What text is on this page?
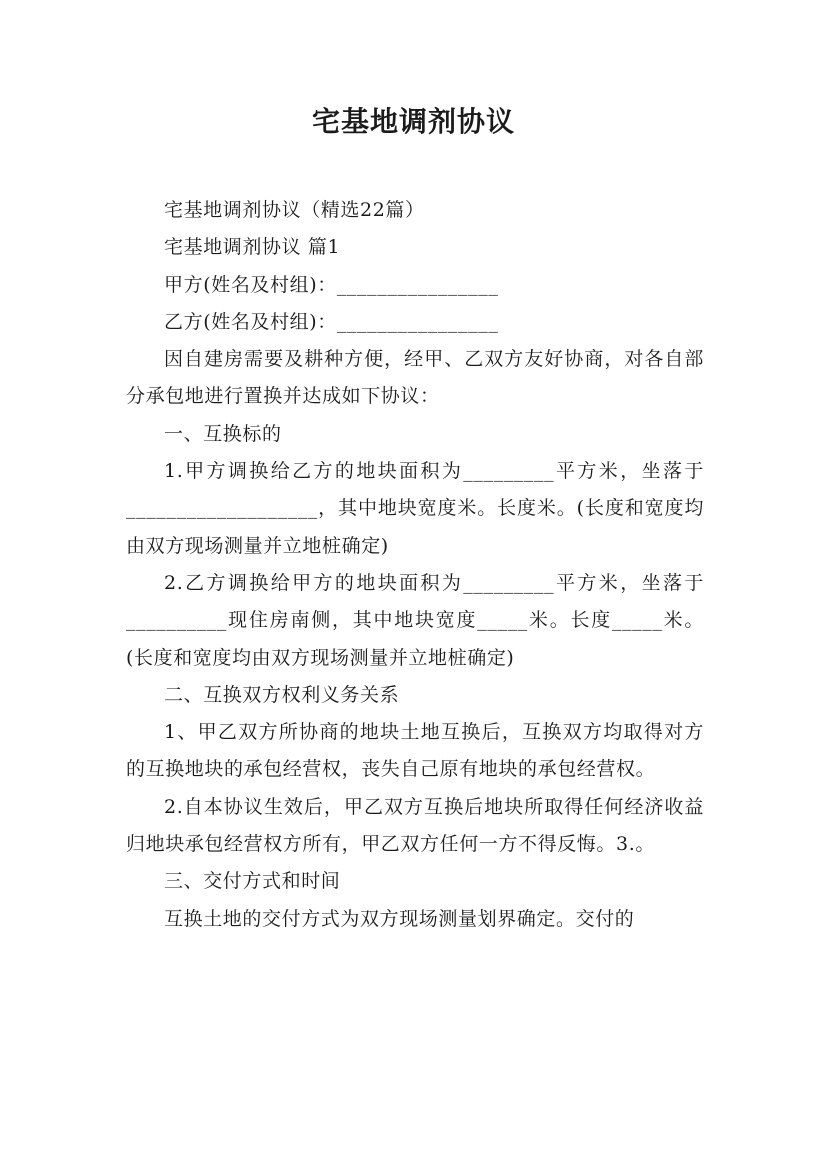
宅基地调剂协议

宅基地调剂协议（精选22篇）

宅基地调剂协议 篇1

甲方(姓名及村组)：________________

乙方(姓名及村组)：________________

因自建房需要及耕种方便，经甲、乙双方友好协商，对各自部分承包地进行置换并达成如下协议：

一、互换标的

1.甲方调换给乙方的地块面积为_________平方米，坐落于___________________，其中地块宽度米。长度米。(长度和宽度均由双方现场测量并立地桩确定)

2.乙方调换给甲方的地块面积为_________平方米，坐落于__________现住房南侧，其中地块宽度_____米。长度_____米。(长度和宽度均由双方现场测量并立地桩确定)

二、互换双方权利义务关系

1、甲乙双方所协商的地块土地互换后，互换双方均取得对方的互换地块的承包经营权，丧失自己原有地块的承包经营权。

2.自本协议生效后，甲乙双方互换后地块所取得任何经济收益归地块承包经营权方所有，甲乙双方任何一方不得反悔。3.。

三、交付方式和时间

互换土地的交付方式为双方现场测量划界确定。交付的
